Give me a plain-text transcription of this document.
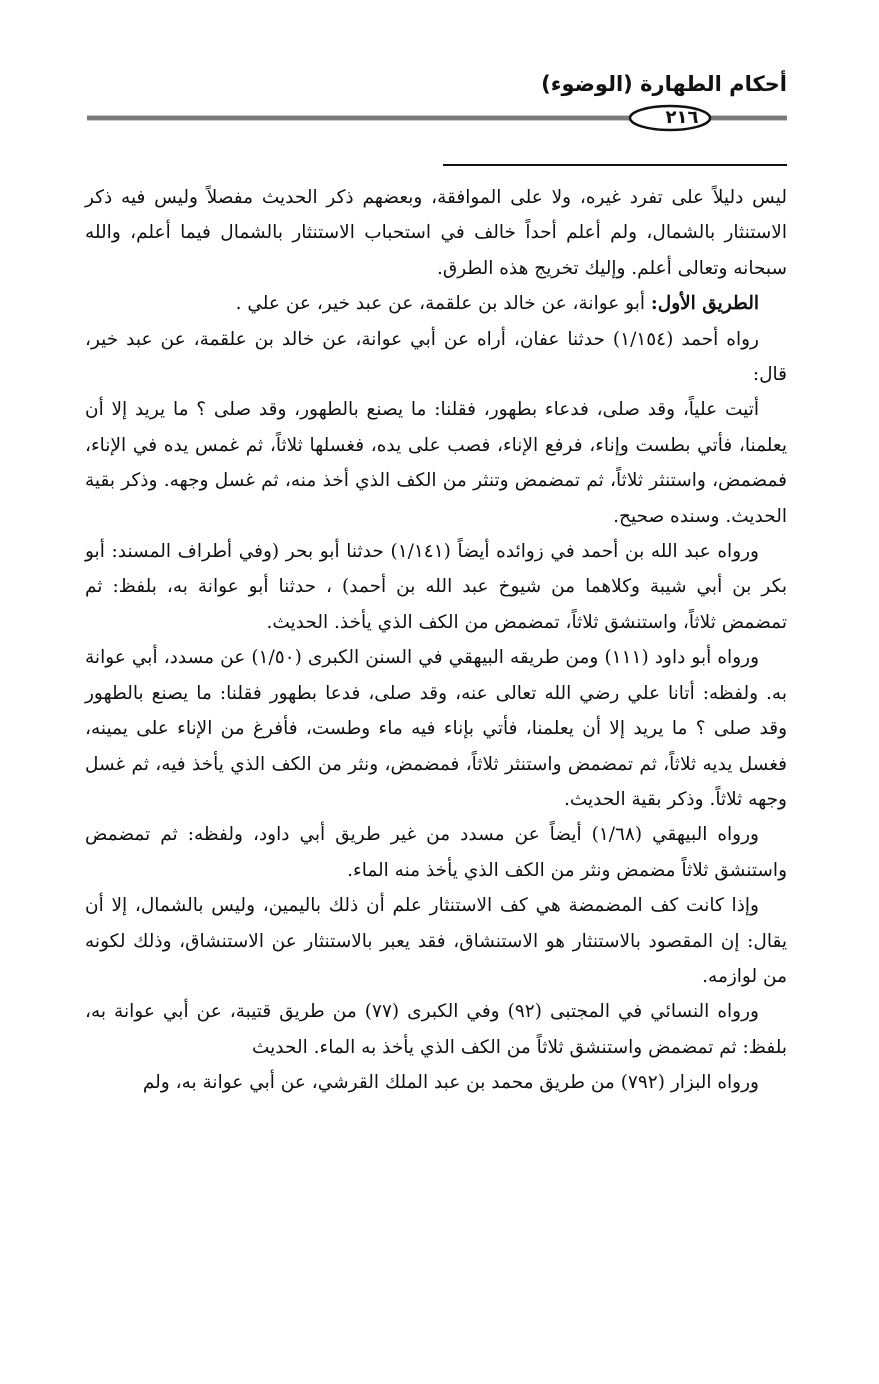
أحكام الطهارة (الوضوء)
٢١٦

ليس دليلاً على تفرد غيره، ولا على الموافقة، وبعضهم ذكر الحديث مفصلاً وليس فيه ذكر الاستنثار بالشمال، ولم أعلم أحداً خالف في استحباب الاستنثار بالشمال فيما أعلم، والله سبحانه وتعالى أعلم. وإليك تخريج هذه الطرق.

الطريق الأول: أبو عوانة، عن خالد بن علقمة، عن عبد خير، عن علي .

رواه أحمد (١/١٥٤) حدثنا عفان، أراه عن أبي عوانة، عن خالد بن علقمة، عن عبد خير، قال:

أتيت علياً، وقد صلى، فدعاء بطهور، فقلنا: ما يصنع بالطهور، وقد صلى ؟ ما يريد إلا أن يعلمنا، فأتي بطست وإناء، فرفع الإناء، فصب على يده، فغسلها ثلاثاً، ثم غمس يده في الإناء، فمضمض، واستنثر ثلاثاً، ثم تمضمض وتنثر من الكف الذي أخذ منه، ثم غسل وجهه. وذكر بقية الحديث. وسنده صحيح.

ورواه عبد الله بن أحمد في زوائده أيضاً (١/١٤١) حدثنا أبو بحر (وفي أطراف المسند: أبو بكر بن أبي شيبة وكلاهما من شيوخ عبد الله بن أحمد) ، حدثنا أبو عوانة به، بلفظ: ثم تمضمض ثلاثاً، واستنشق ثلاثاً، تمضمض من الكف الذي يأخذ. الحديث.

ورواه أبو داود (١١١) ومن طريقه البيهقي في السنن الكبرى (١/٥٠) عن مسدد، أبي عوانة به. ولفظه: أتانا علي رضي الله تعالى عنه، وقد صلى، فدعا بطهور فقلنا: ما يصنع بالطهور وقد صلى ؟ ما يريد إلا أن يعلمنا، فأتي بإناء فيه ماء وطست، فأفرغ من الإناء على يمينه، فغسل يديه ثلاثاً، ثم تمضمض واستنثر ثلاثاً، فمضمض، ونثر من الكف الذي يأخذ فيه، ثم غسل وجهه ثلاثاً. وذكر بقية الحديث.

ورواه البيهقي (١/٦٨) أيضاً عن مسدد من غير طريق أبي داود، ولفظه: ثم تمضمض واستنشق ثلاثاً مضمض ونثر من الكف الذي يأخذ منه الماء.

وإذا كانت كف المضمضة هي كف الاستنثار علم أن ذلك باليمين، وليس بالشمال، إلا أن يقال: إن المقصود بالاستنثار هو الاستنشاق، فقد يعبر بالاستنثار عن الاستنشاق، وذلك لكونه من لوازمه.

ورواه النسائي في المجتبى (٩٢) وفي الكبرى (٧٧) من طريق قتيبة، عن أبي عوانة به، بلفظ: ثم تمضمض واستنشق ثلاثاً من الكف الذي يأخذ به الماء. الحديث

ورواه البزار (٧٩٢) من طريق محمد بن عبد الملك القرشي، عن أبي عوانة به، ولم
